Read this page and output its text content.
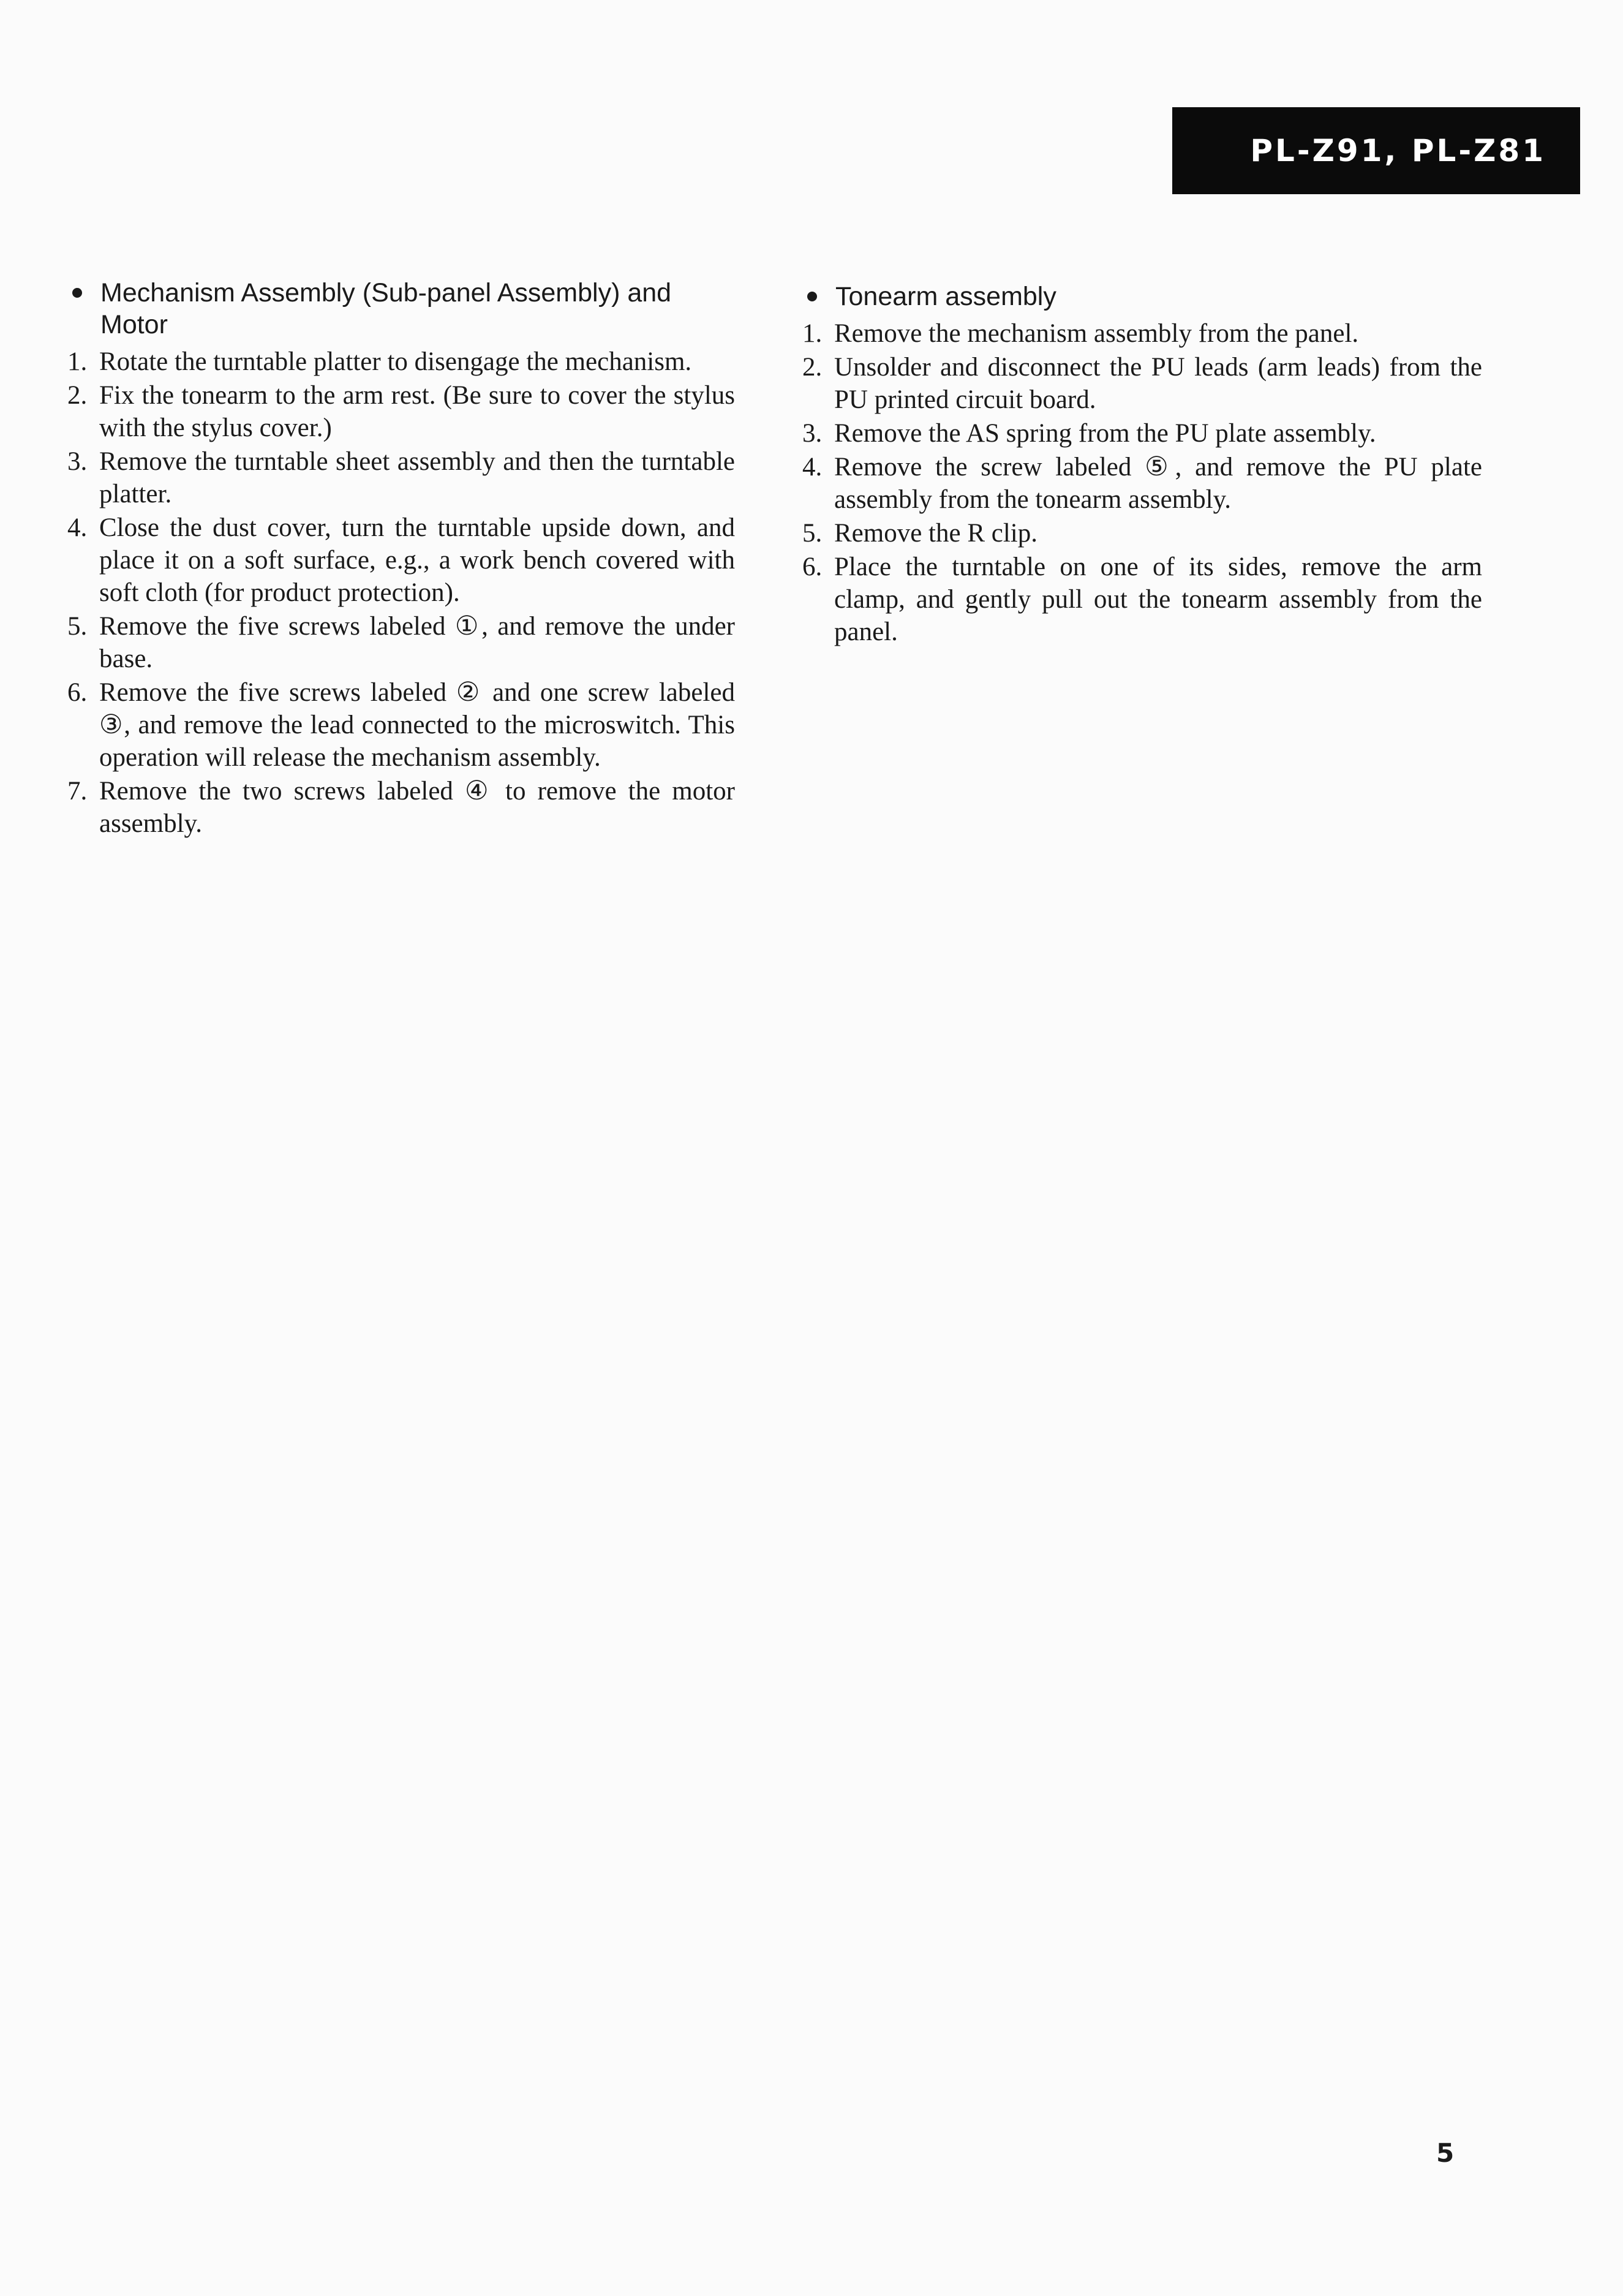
PL-Z91, PL-Z81
Mechanism Assembly (Sub-panel Assembly) and Motor
1. Rotate the turntable platter to disengage the mechanism.
2. Fix the tonearm to the arm rest. (Be sure to cover the stylus with the stylus cover.)
3. Remove the turntable sheet assembly and then the turntable platter.
4. Close the dust cover, turn the turntable upside down, and place it on a soft surface, e.g., a work bench covered with soft cloth (for product protection).
5. Remove the five screws labeled ①, and remove the under base.
6. Remove the five screws labeled ② and one screw labeled ③, and remove the lead connected to the microswitch. This operation will release the mechanism assembly.
7. Remove the two screws labeled ④ to remove the motor assembly.
Tonearm assembly
1. Remove the mechanism assembly from the panel.
2. Unsolder and disconnect the PU leads (arm leads) from the PU printed circuit board.
3. Remove the AS spring from the PU plate assembly.
4. Remove the screw labeled ⑤, and remove the PU plate assembly from the tonearm assembly.
5. Remove the R clip.
6. Place the turntable on one of its sides, remove the arm clamp, and gently pull out the tonearm assembly from the panel.
5
